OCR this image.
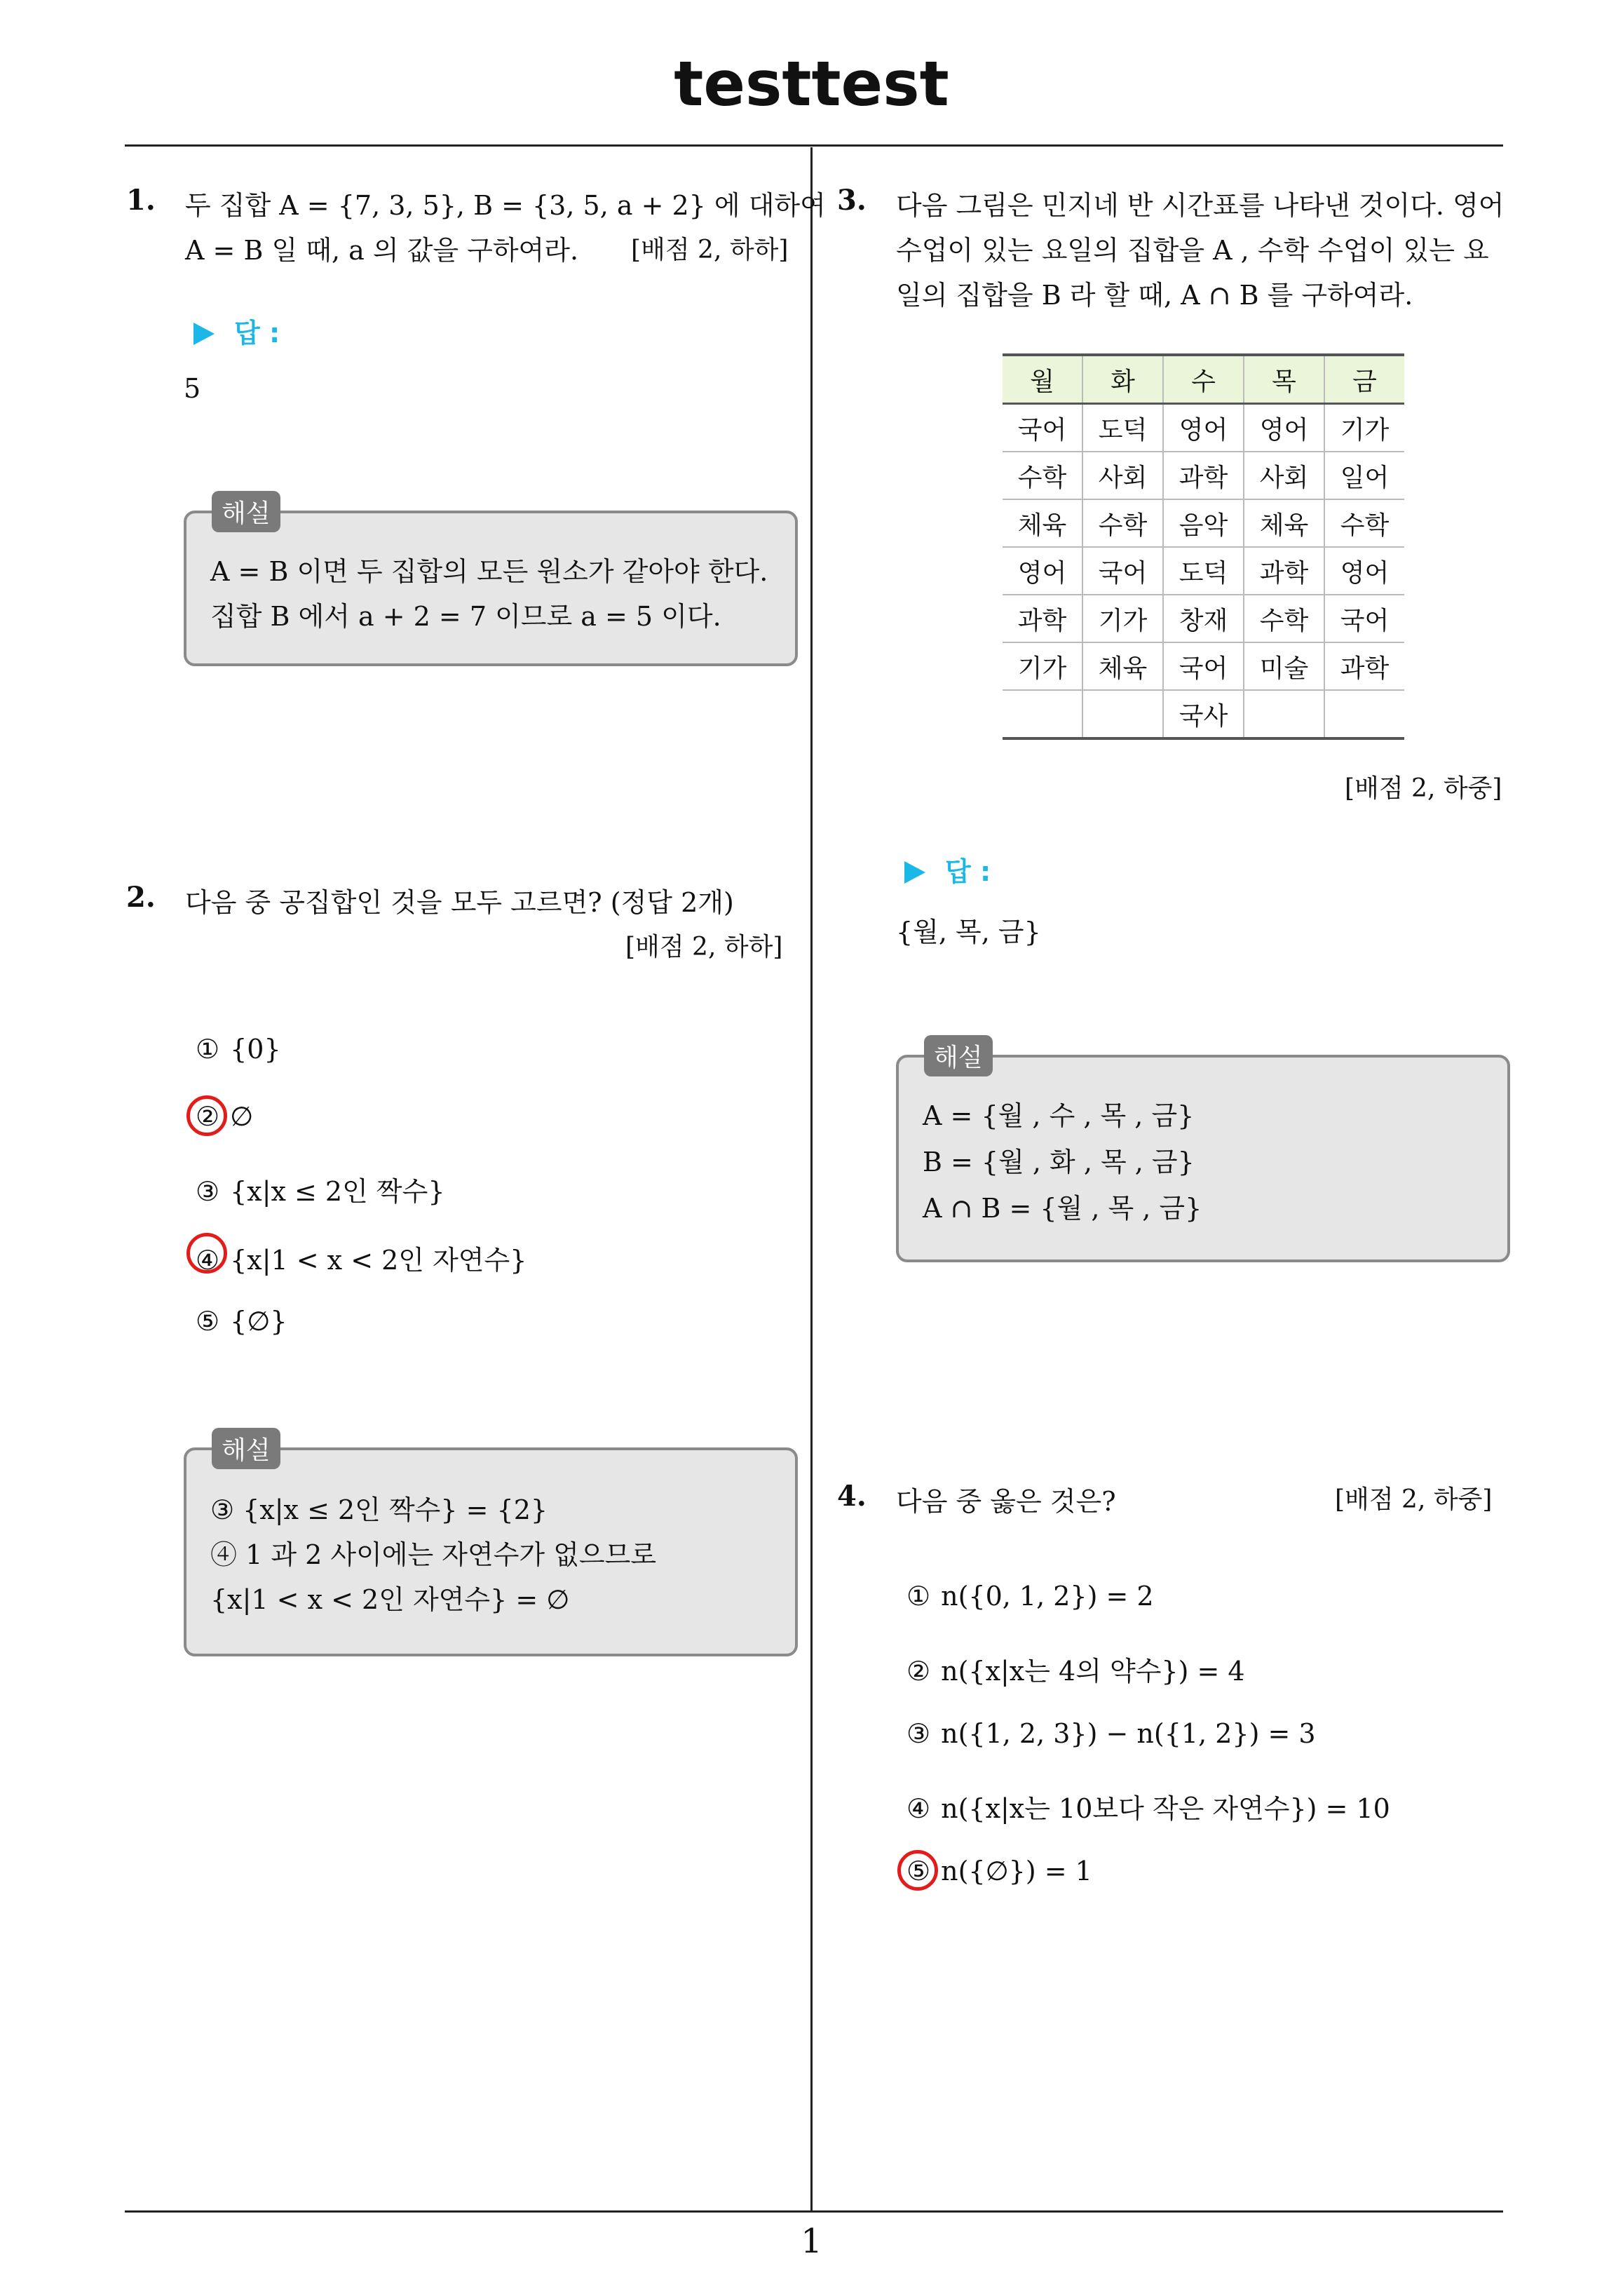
testtest
1
1. 두 집합 A = {7, 3, 5}, B = {3, 5, a + 2} 에 대하여
A = B 일 때, a 의 값을 구하여라. [배점 2, 하하]
답 :
5
해설
A = B 이면 두 집합의 모든 원소가 같아야 한다.
집합 B 에서 a + 2 = 7 이므로 a = 5 이다.
2. 다음 중 공집합인 것을 모두 고르면? (정답 2개)
[배점 2, 하하]
① {0}
② ∅
③ {x|x ≤ 2인 짝수}
④ {x|1 < x < 2인 자연수}
⑤ {∅}
해설
③ {x|x ≤ 2인 짝수} = {2}
④ 1 과 2 사이에는 자연수가 없으므로
{x|1 < x < 2인 자연수} = ∅
3. 다음 그림은 민지네 반 시간표를 나타낸 것이다. 영어
수업이 있는 요일의 집합을 A , 수학 수업이 있는 요
일의 집합을 B 라 할 때, A ∩ B 를 구하여라.
월	화	수	목	금
국어	도덕	영어	영어	기가
수학	사회	과학	사회	일어
체육	수학	음악	체육	수학
영어	국어	도덕	과학	영어
과학	기가	창재	수학	국어
기가	체육	국어	미술	과학
		국사		
[배점 2, 하중]
답 :
{월, 목, 금}
해설
A = {월 , 수 , 목 , 금}
B = {월 , 화 , 목 , 금}
A ∩ B = {월 , 목 , 금}
4. 다음 중 옳은 것은?	[배점 2, 하중]
① n({0, 1, 2}) = 2
② n({x|x는 4의 약수}) = 4
③ n({1, 2, 3}) − n({1, 2}) = 3
④ n({x|x는 10보다 작은 자연수}) = 10
⑤ n({∅}) = 1
